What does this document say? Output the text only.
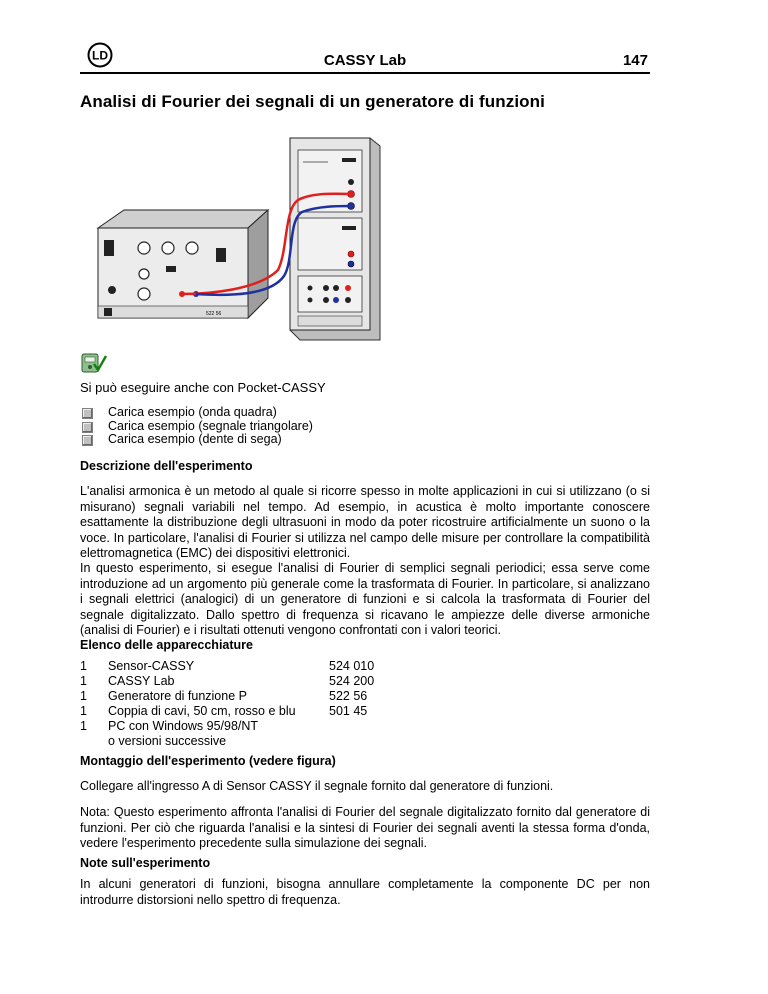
LD	CASSY Lab	147
Analisi di Fourier dei segnali di un generatore di funzioni
522 56
Si può eseguire anche con Pocket-CASSY
Carica esempio (onda quadra)
Carica esempio (segnale triangolare)
Carica esempio (dente di sega)
Descrizione dell'esperimento

L'analisi armonica è un metodo al quale si ricorre spesso in molte applicazioni in cui si utilizzano (o si misurano) segnali variabili nel tempo. Ad esempio, in acustica è molto importante conoscere esattamente la distribuzione degli ultrasuoni in modo da poter ricostruire artificialmente un suono o la voce. In particolare, l'analisi di Fourier si utilizza nel campo delle misure per controllare la compatibilità elettromagnetica (EMC) dei dispositivi elettronici.

In questo esperimento, si esegue l'analisi di Fourier di semplici segnali periodici; essa serve come introduzione ad un argomento più generale come la trasformata di Fourier. In particolare, si analizzano i segnali elettrici (analogici) di un generatore di funzioni e si calcola la trasformata di Fourier del segnale digitalizzato. Dallo spettro di frequenza si ricavano le ampiezze delle diverse armoniche (analisi di Fourier) e i risultati ottenuti vengono confrontati con i valori teorici.

Elenco delle apparecchiature
1 Sensor-CASSY	524 010
1 CASSY Lab	524 200
1 Generatore di funzione P	522 56
1 Coppia di cavi, 50 cm, rosso e blu	501 45
1 PC con Windows 95/98/NT
o versioni successive
Montaggio dell'esperimento (vedere figura)

Collegare all'ingresso A di Sensor CASSY il segnale fornito dal generatore di funzioni.

Nota: Questo esperimento affronta l'analisi di Fourier del segnale digitalizzato fornito dal generatore di funzioni. Per ciò che riguarda l'analisi e la sintesi di Fourier dei segnali aventi la stessa forma d'onda, vedere l'esperimento precedente sulla simulazione dei segnali.

Note sull'esperimento

In alcuni generatori di funzioni, bisogna annullare completamente la componente DC per non introdurre distorsioni nello spettro di frequenza.
